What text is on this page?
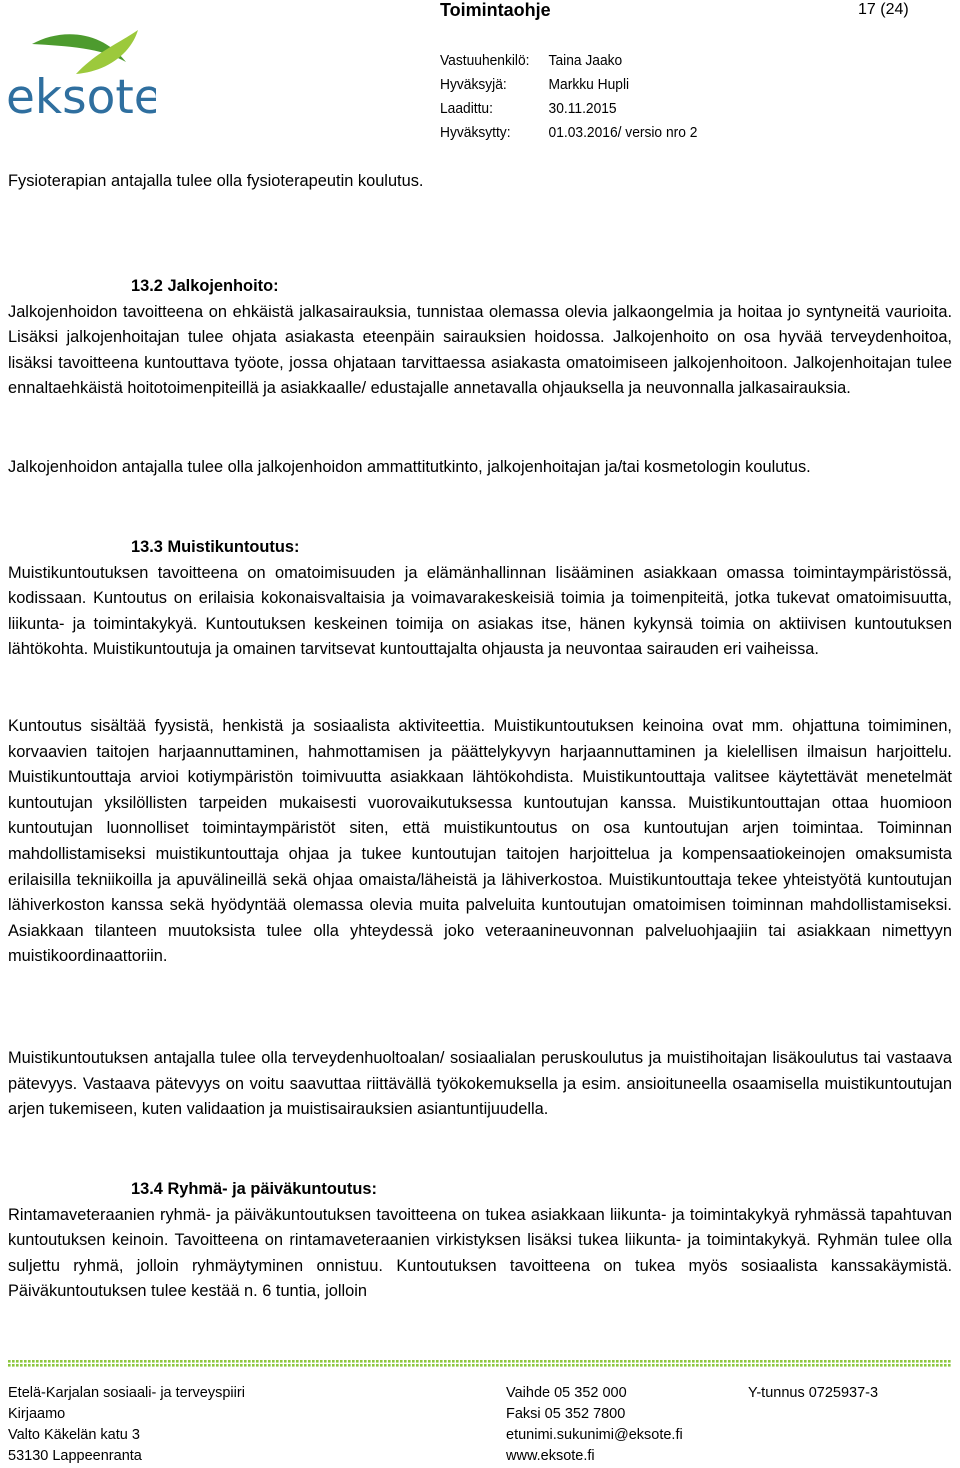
eksote
Toimintaohje	17 (24)
Vastuuhenkilö: Taina Jaako
Hyväksyjä:	Markku Hupli
Laadittu:	30.11.2015
Hyväksytty:	01.03.2016/ versio nro 2

Fysioterapian antajalla tulee olla fysioterapeutin koulutus.

13.2 Jalkojenhoito:

Jalkojenhoidon tavoitteena on ehkäistä jalkasairauksia, tunnistaa olemassa olevia jalkaongelmia ja hoitaa jo syntyneitä vaurioita. Lisäksi jalkojenhoitajan tulee ohjata asiakasta eteenpäin sairauksien hoidossa. Jalkojenhoito on osa hyvää terveydenhoitoa, lisäksi tavoitteena kuntouttava työote, jossa ohjataan tarvittaessa asiakasta omatoimiseen jalkojenhoitoon. Jalkojenhoitajan tulee ennaltaehkäistä hoitotoimenpiteillä ja asiakkaalle/ edustajalle annetavalla ohjauksella ja neuvonnalla jalkasairauksia.

Jalkojenhoidon antajalla tulee olla jalkojenhoidon ammattitutkinto, jalkojenhoitajan ja/tai kosmetologin koulutus.

13.3 Muistikuntoutus:

Muistikuntoutuksen tavoitteena on omatoimisuuden ja elämänhallinnan lisääminen asiakkaan omassa toimintaympäristössä, kodissaan. Kuntoutus on erilaisia kokonaisvaltaisia ja voimavarakeskeisiä toimia ja toimenpiteitä, jotka tukevat omatoimisuutta, liikunta- ja toimintakykyä. Kuntoutuksen keskeinen toimija on asiakas itse, hänen kykynsä toimia on aktiivisen kuntoutuksen lähtökohta. Muistikuntoutuja ja omainen tarvitsevat kuntouttajalta ohjausta ja neuvontaa sairauden eri vaiheissa.

Kuntoutus sisältää fyysistä, henkistä ja sosiaalista aktiviteettia. Muistikuntoutuksen keinoina ovat mm. ohjattuna toimiminen, korvaavien taitojen harjaannuttaminen, hahmottamisen ja päättelykyvyn harjaannuttaminen ja kielellisen ilmaisun harjoittelu. Muistikuntouttaja arvioi kotiympäristön toimivuutta asiakkaan lähtökohdista. Muistikuntouttaja valitsee käytettävät menetelmät kuntoutujan yksilöllisten tarpeiden mukaisesti vuorovaikutuksessa kuntoutujan kanssa. Muistikuntouttajan ottaa huomioon kuntoutujan luonnolliset toimintaympäristöt siten, että muistikuntoutus on osa kuntoutujan arjen toimintaa. Toiminnan mahdollistamiseksi muistikuntouttaja ohjaa ja tukee kuntoutujan taitojen harjoittelua ja kompensaatiokeinojen omaksumista erilaisilla tekniikoilla ja apuvälineillä sekä ohjaa omaista/läheistä ja lähiverkostoa. Muistikuntouttaja tekee yhteistyötä kuntoutujan lähiverkoston kanssa sekä hyödyntää olemassa olevia muita palveluita kuntoutujan omatoimisen toiminnan mahdollistamiseksi. Asiakkaan tilanteen muutoksista tulee olla yhteydessä joko veteraanineuvonnan palveluohjaajiin tai asiakkaan nimettyyn muistikoordinaattoriin.

Muistikuntoutuksen antajalla tulee olla terveydenhuoltoalan/ sosiaalialan peruskoulutus ja muistihoitajan lisäkoulutus tai vastaava pätevyys. Vastaava pätevyys on voitu saavuttaa riittävällä työkokemuksella ja esim. ansioituneella osaamisella muistikuntoutujan arjen tukemiseen, kuten validaation ja muistisairauksien asiantuntijuudella.

13.4 Ryhmä- ja päiväkuntoutus:

Rintamaveteraanien ryhmä- ja päiväkuntoutuksen tavoitteena on tukea asiakkaan liikunta- ja toimintakykyä ryhmässä tapahtuvan kuntoutuksen keinoin. Tavoitteena on rintamaveteraanien virkistyksen lisäksi tukea liikunta- ja toimintakykyä. Ryhmän tulee olla suljettu ryhmä, jolloin ryhmäytyminen onnistuu. Kuntoutuksen tavoitteena on tukea myös sosiaalista kanssakäymistä. Päiväkuntoutuksen tulee kestää n. 6 tuntia, jolloin

Etelä-Karjalan sosiaali- ja terveyspiiri
Kirjaamo
Valto Käkelän katu 3
53130 Lappeenranta
Vaihde 05 352 000
Faksi 05 352 7800
etunimi.sukunimi@eksote.fi
www.eksote.fi
Y-tunnus 0725937-3
